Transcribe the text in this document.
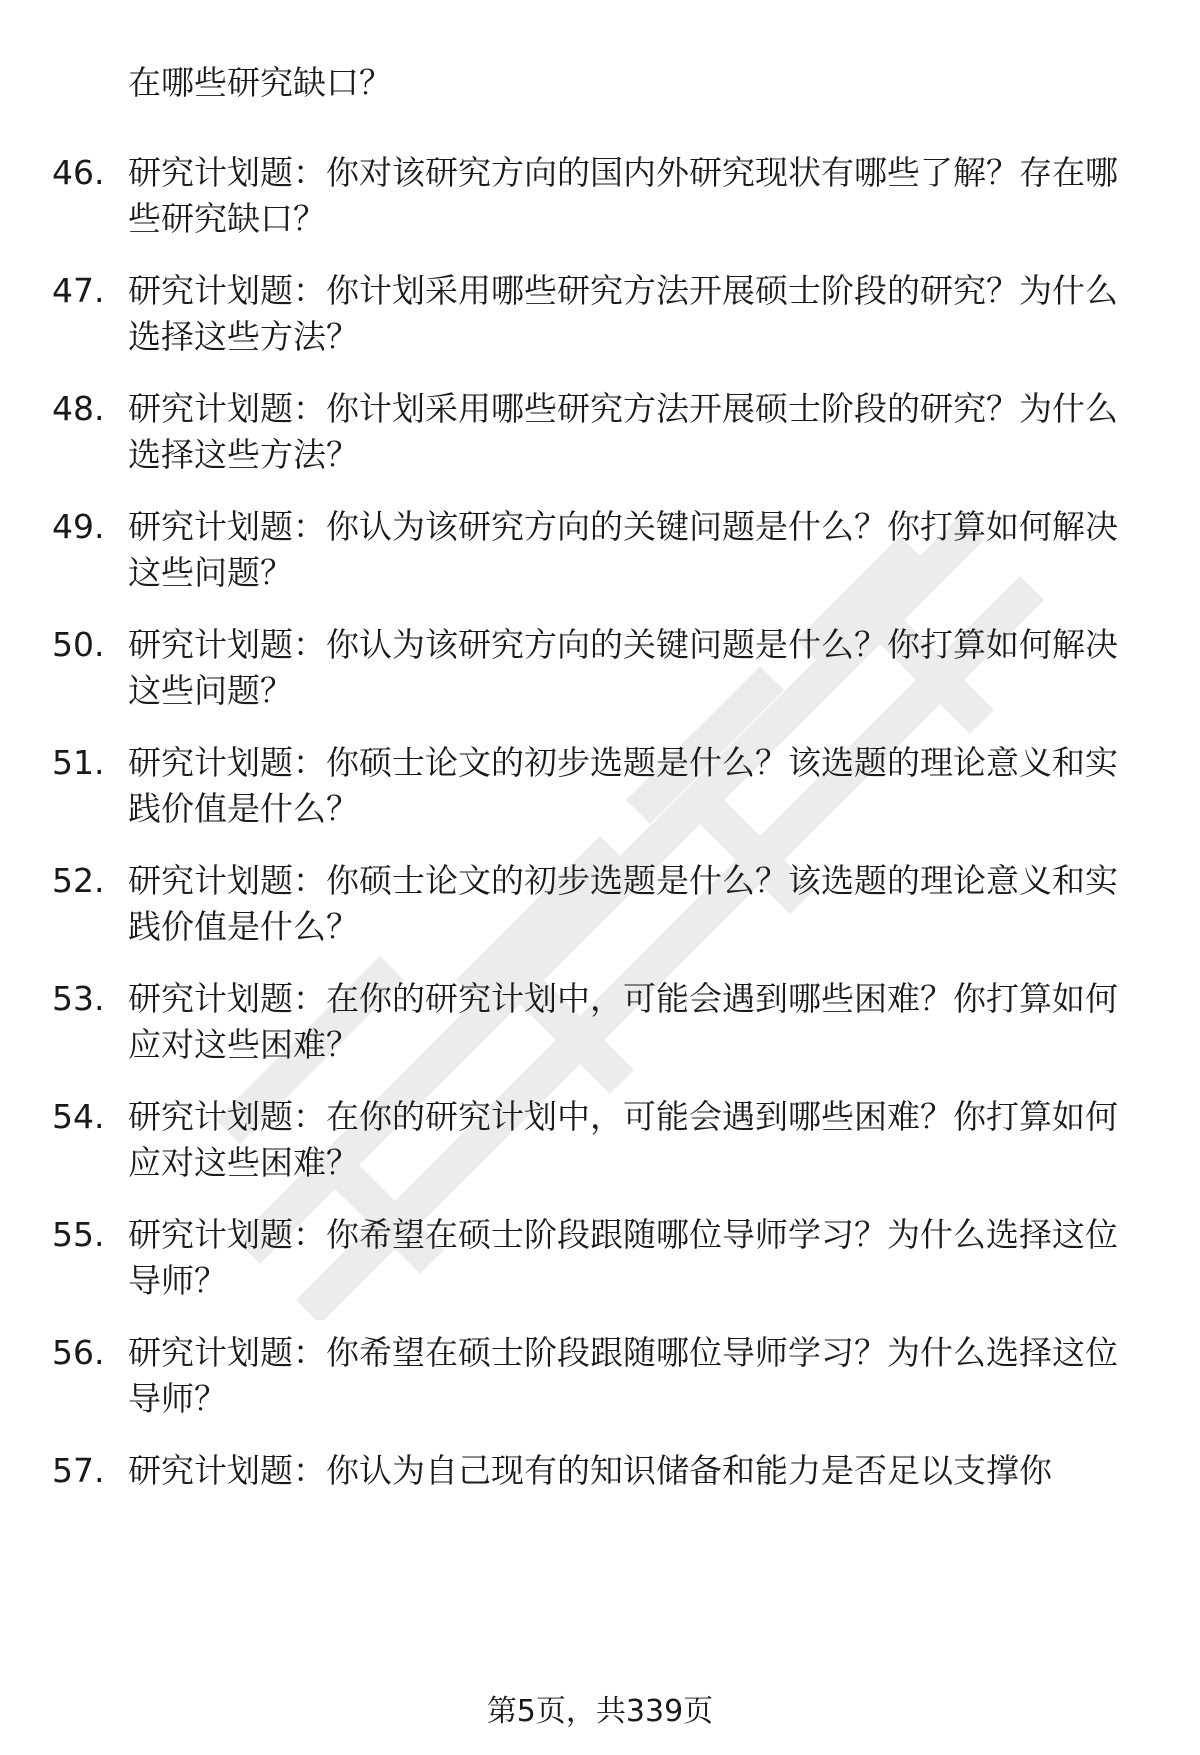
在哪些研究缺口？
46. 研究计划题：你对该研究方向的国内外研究现状有哪些了解？存在哪些研究缺口？
47. 研究计划题：你计划采用哪些研究方法开展硕士阶段的研究？为什么选择这些方法？
48. 研究计划题：你计划采用哪些研究方法开展硕士阶段的研究？为什么选择这些方法？
49. 研究计划题：你认为该研究方向的关键问题是什么？你打算如何解决这些问题？
50. 研究计划题：你认为该研究方向的关键问题是什么？你打算如何解决这些问题？
51. 研究计划题：你硕士论文的初步选题是什么？该选题的理论意义和实践价值是什么？
52. 研究计划题：你硕士论文的初步选题是什么？该选题的理论意义和实践价值是什么？
53. 研究计划题：在你的研究计划中，可能会遇到哪些困难？你打算如何应对这些困难？
54. 研究计划题：在你的研究计划中，可能会遇到哪些困难？你打算如何应对这些困难？
55. 研究计划题：你希望在硕士阶段跟随哪位导师学习？为什么选择这位导师？
56. 研究计划题：你希望在硕士阶段跟随哪位导师学习？为什么选择这位导师？
57. 研究计划题：你认为自己现有的知识储备和能力是否足以支撑你
第5页，共339页
